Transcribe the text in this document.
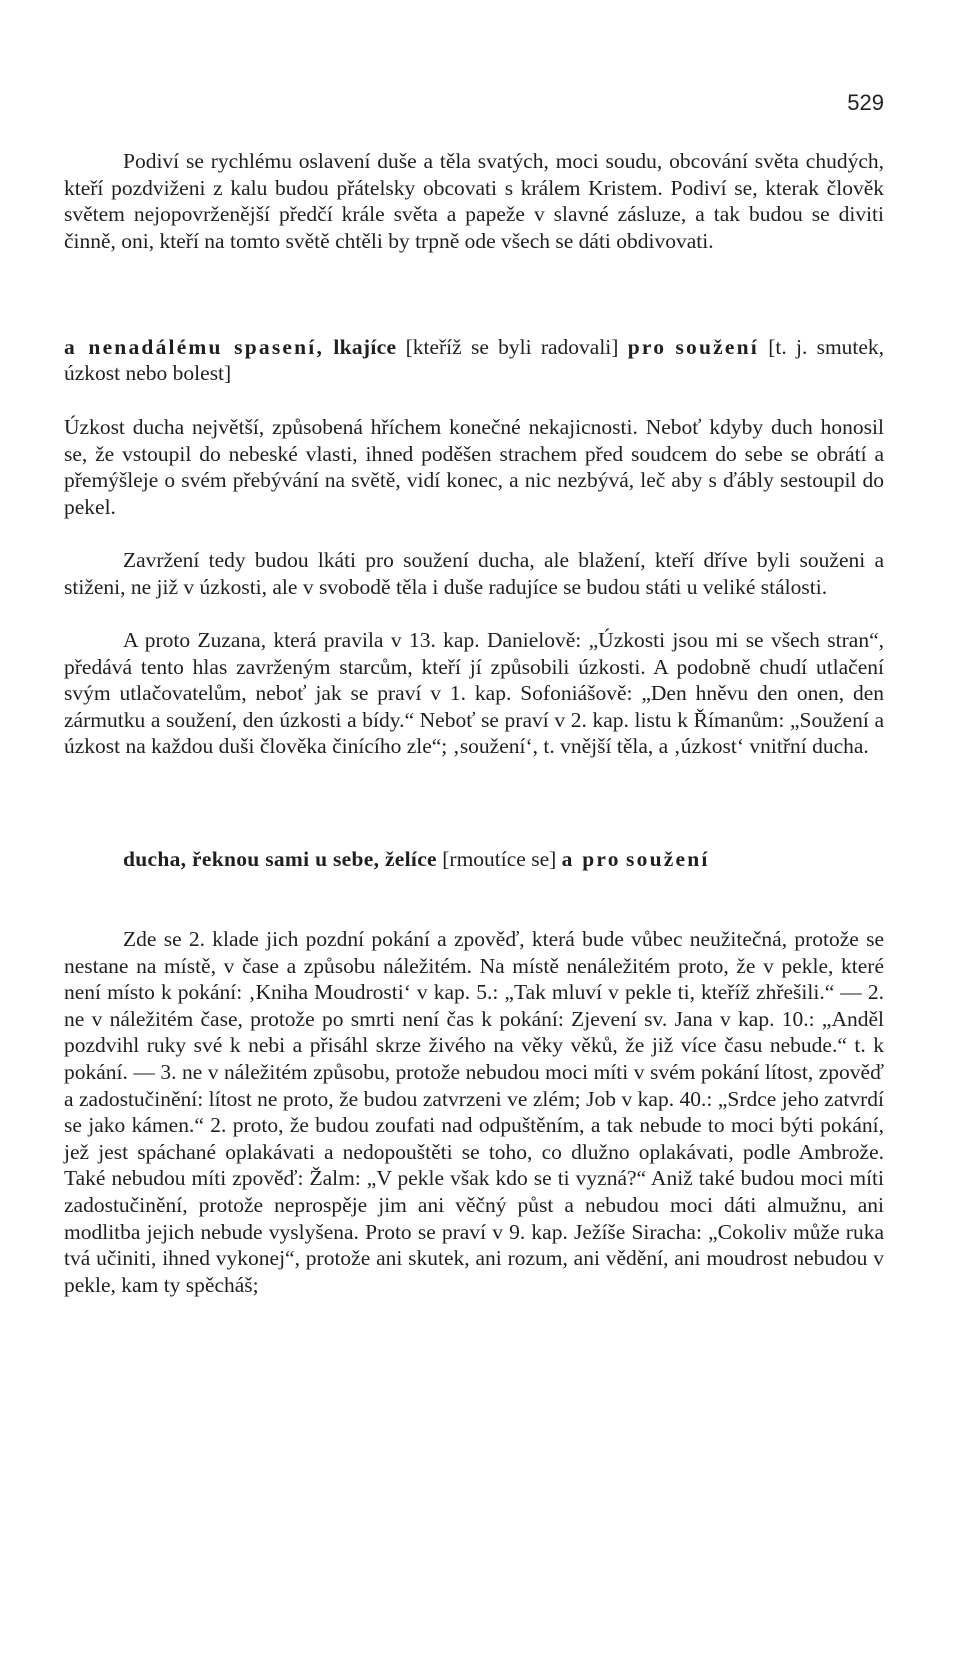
529

Podiví se rychlému oslavení duše a těla svatých, moci soudu, obcování světa chudých, kteří pozdviženi z kalu budou přátelsky obcovati s králem Kristem. Podiví se, kterak člověk světem nejopovrženější předčí krále světa a papeže v slavné zásluze, a tak budou se diviti činně, oni, kteří na tomto světě chtěli by trpně ode všech se dáti obdivovati.

a nenadálému spasení, lkajíce [kteříž se byli radovali] pro soužení [t. j. smutek, úzkost nebo bolest]

Úzkost ducha největší, způsobená hříchem konečné nekajicnosti. Neboť kdyby duch honosil se, že vstoupil do nebeské vlasti, ihned poděšen strachem před soudcem do sebe se obrátí a přemýšleje o svém přebývání na světě, vidí konec, a nic nezbývá, leč aby s ďábly sestoupil do pekel.

Zavržení tedy budou lkáti pro soužení ducha, ale blažení, kteří dříve byli souženi a stiženi, ne již v úzkosti, ale v svobodě těla i duše radujíce se budou státi u veliké stálosti.

A proto Zuzana, která pravila v 13. kap. Danielově: „Úzkosti jsou mi se všech stran“, předává tento hlas zavrženým starcům, kteří jí způsobili úzkosti. A podobně chudí utlačení svým utlačovatelům, neboť jak se praví v 1. kap. Sofoniášově: „Den hněvu den onen, den zármutku a soužení, den úzkosti a bídy.“ Neboť se praví v 2. kap. listu k Římanům: „Soužení a úzkost na každou duši člověka činícího zle“; ‚soužení‘, t. vnější těla, a ‚úzkost‘ vnitřní ducha.

ducha, řeknou sami u sebe, želíce [rmoutíce se] a pro soužení

Zde se 2. klade jich pozdní pokání a zpověď, která bude vůbec neužitečná, protože se nestane na místě, v čase a způsobu náležitém. Na místě nenáležitém proto, že v pekle, které není místo k pokání: ‚Kniha Moudrosti‘ v kap. 5.: „Tak mluví v pekle ti, kteříž zhřešili.“ — 2. ne v náležitém čase, protože po smrti není čas k pokání: Zjevení sv. Jana v kap. 10.: „Anděl pozdvihl ruky své k nebi a přisáhl skrze živého na věky věků, že již více času nebude.“ t. k pokání. — 3. ne v náležitém způsobu, protože nebudou moci míti v svém pokání lítost, zpověď a zadostučinění: lítost ne proto, že budou zatvrzeni ve zlém; Job v kap. 40.: „Srdce jeho zatvrdí se jako kámen.“ 2. proto, že budou zoufati nad odpuštěním, a tak nebude to moci býti pokání, jež jest spáchané oplakávati a nedopouštěti se toho, co dlužno oplakávati, podle Ambrože. Také nebudou míti zpověď: Žalm: „V pekle však kdo se ti vyzná?“ Aniž také budou moci míti zadostučinění, protože neprospěje jim ani věčný půst a nebudou moci dáti almužnu, ani modlitba jejich nebude vyslyšena. Proto se praví v 9. kap. Ježíše Siracha: „Cokoliv může ruka tvá učiniti, ihned vykonej“, protože ani skutek, ani rozum, ani vědění, ani moudrost nebudou v pekle, kam ty spěcháš;
